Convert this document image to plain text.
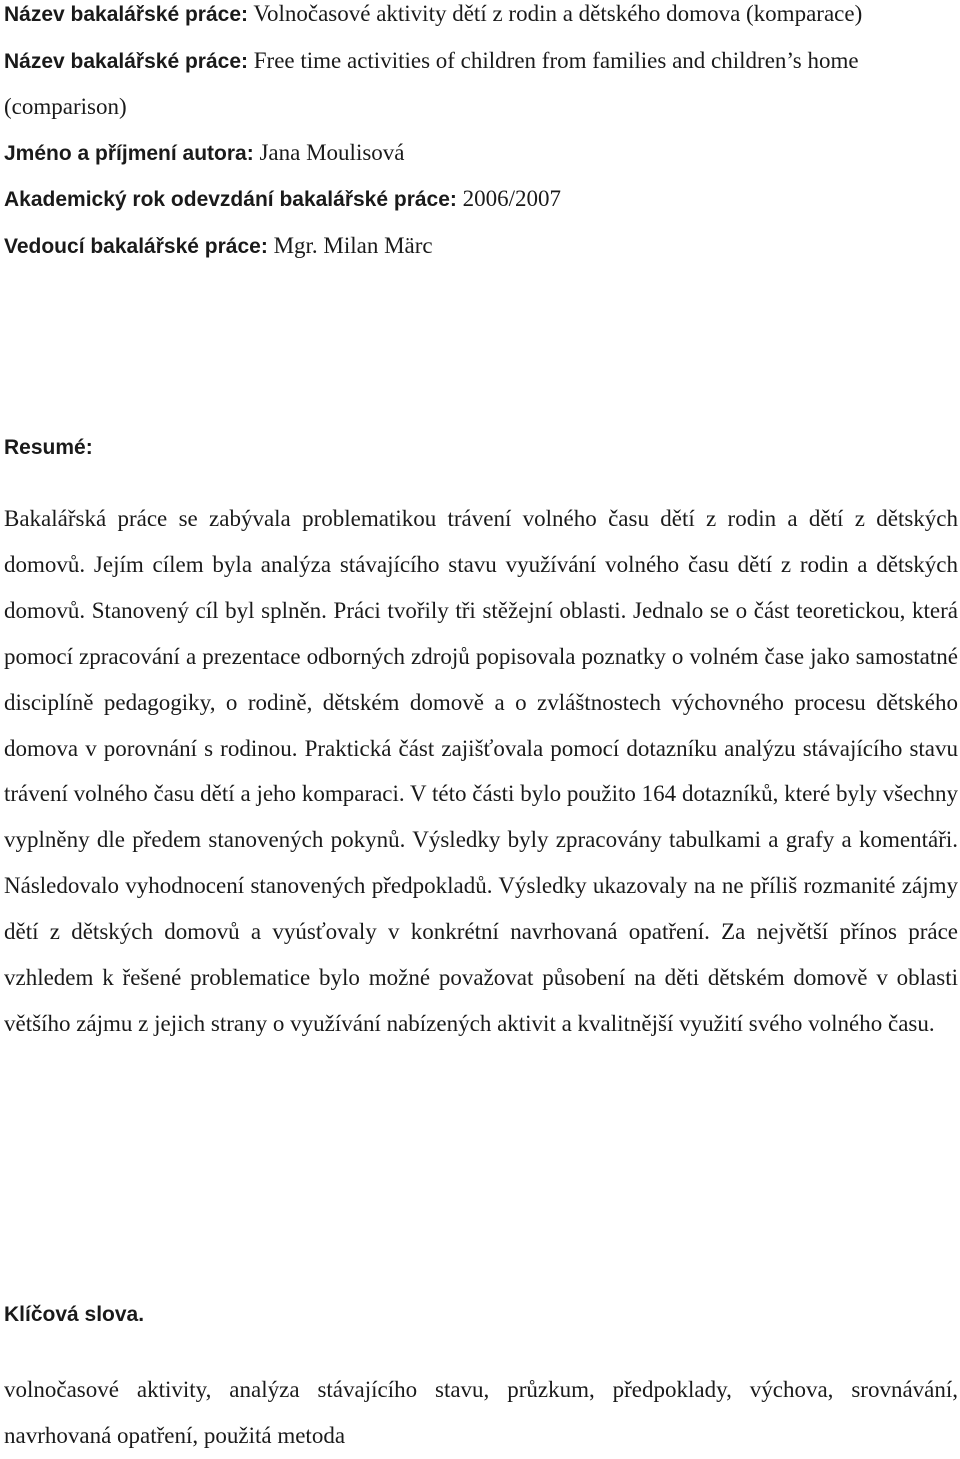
Název bakalářské práce: Volnočasové aktivity dětí z rodin a dětského domova (komparace)

Název bakalářské práce: Free time activities of children from families and children’s home (comparison)

Jméno a příjmení autora: Jana Moulisová

Akademický rok odevzdání bakalářské práce: 2006/2007

Vedoucí bakalářské práce: Mgr. Milan Märc

Resumé:

Bakalářská práce se zabývala problematikou trávení volného času dětí z rodin a dětí z dětských domovů. Jejím cílem byla analýza stávajícího stavu využívání volného času dětí z rodin a dětských domovů. Stanovený cíl byl splněn. Práci tvořily tři stěžejní oblasti. Jednalo se o část teoretickou, která pomocí zpracování a prezentace odborných zdrojů popisovala poznatky o volném čase jako samostatné disciplíně pedagogiky, o rodině, dětském domově a o zvláštnostech výchovného procesu dětského domova v porovnání s rodinou. Praktická část zajišťovala pomocí dotazníku analýzu stávajícího stavu trávení volného času dětí a jeho komparaci. V této části bylo použito 164 dotazníků, které byly všechny vyplněny dle předem stanovených pokynů. Výsledky byly zpracovány tabulkami a grafy a komentáři. Následovalo vyhodnocení stanovených předpokladů. Výsledky ukazovaly na ne příliš rozmanité zájmy dětí z dětských domovů a vyúsťovaly v konkrétní navrhovaná opatření. Za největší přínos práce vzhledem k řešené problematice bylo možné považovat působení na děti dětském domově v oblasti většího zájmu z jejich strany o využívání nabízených aktivit a kvalitnější využití svého volného času.

Klíčová slova.

volnočasové aktivity, analýza stávajícího stavu, průzkum, předpoklady, výchova, srovnávání, navrhovaná opatření, použitá metoda
